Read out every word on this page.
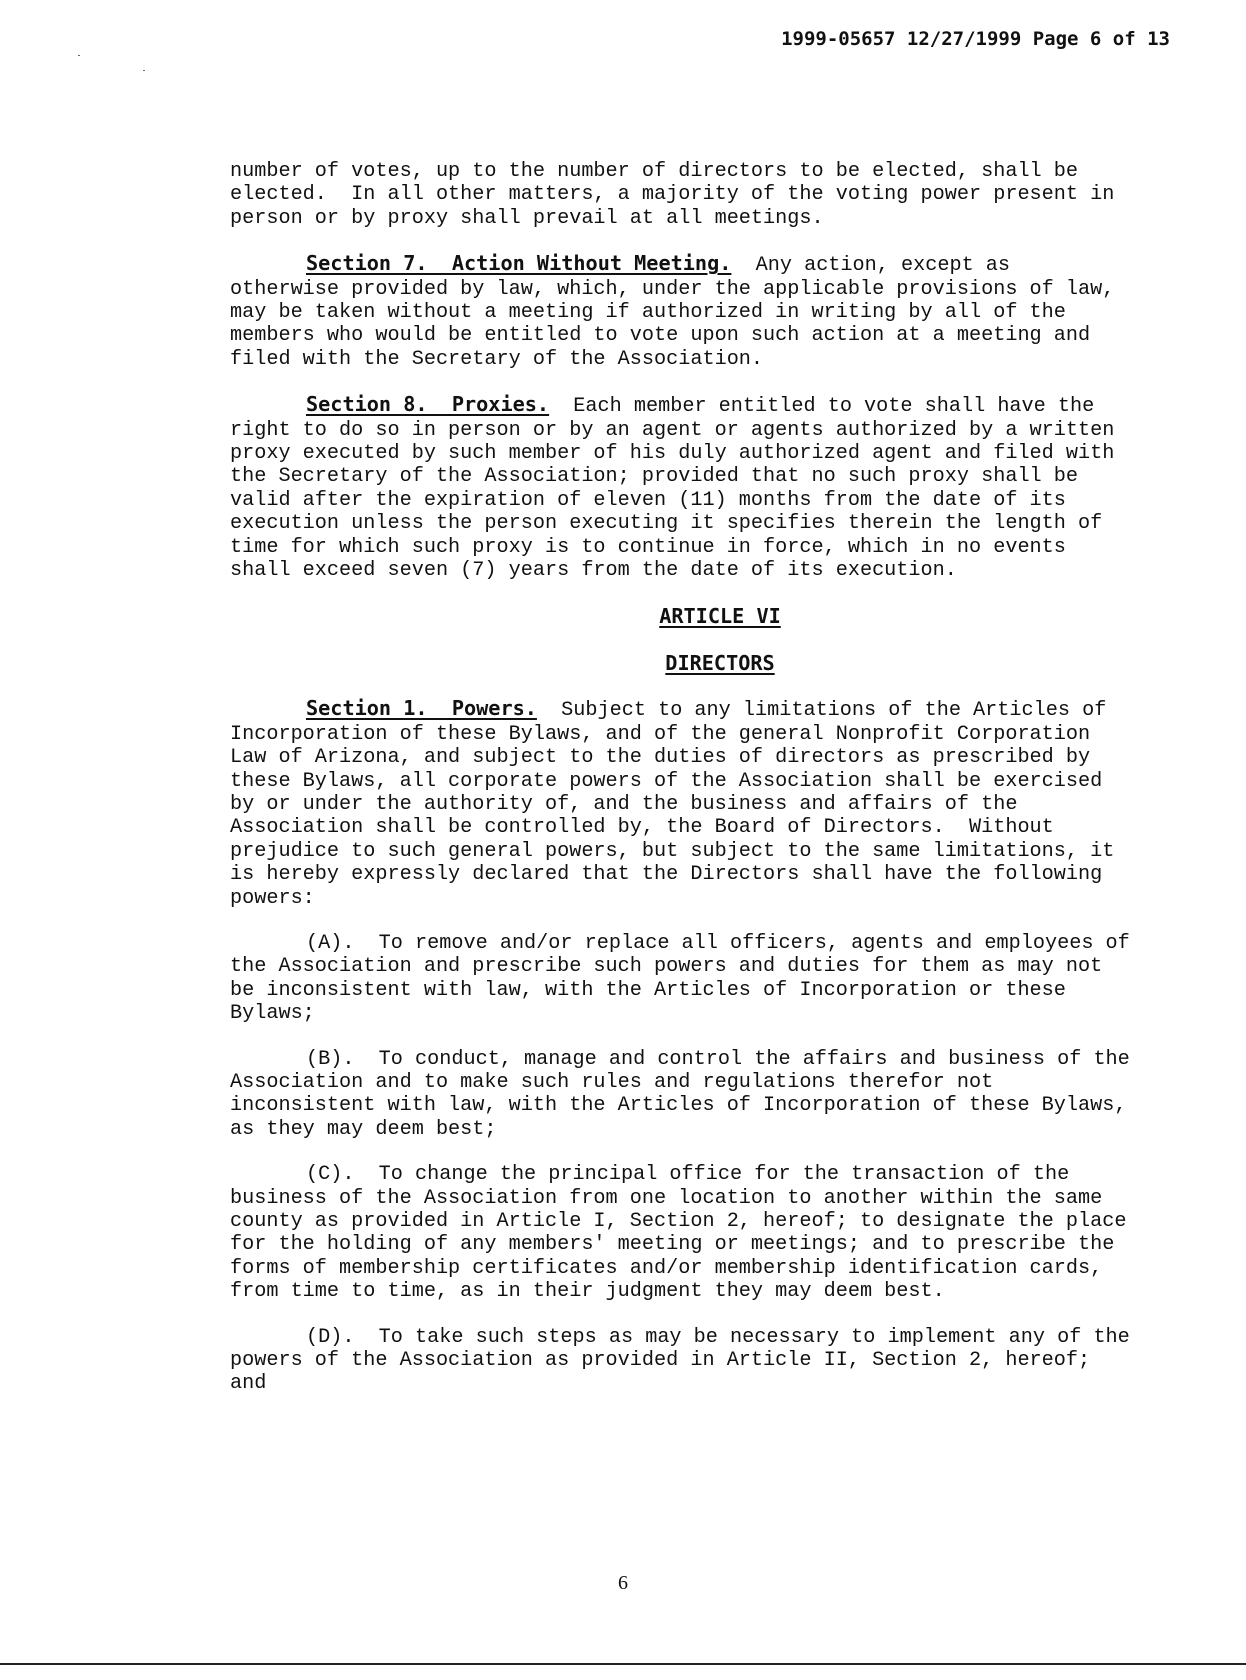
1999-05657 12/27/1999 Page 6 of 13

number of votes, up to the number of directors to be elected, shall be elected.  In all other matters, a majority of the voting power present in person or by proxy shall prevail at all meetings.

Section 7.  Action Without Meeting.  Any action, except as otherwise provided by law, which, under the applicable provisions of law, may be taken without a meeting if authorized in writing by all of the members who would be entitled to vote upon such action at a meeting and filed with the Secretary of the Association.

Section 8.  Proxies.  Each member entitled to vote shall have the right to do so in person or by an agent or agents authorized by a written proxy executed by such member of his duly authorized agent and filed with the Secretary of the Association; provided that no such proxy shall be valid after the expiration of eleven (11) months from the date of its execution unless the person executing it specifies therein the length of time for which such proxy is to continue in force, which in no events shall exceed seven (7) years from the date of its execution.

ARTICLE VI

DIRECTORS

Section 1.  Powers.  Subject to any limitations of the Articles of Incorporation of these Bylaws, and of the general Nonprofit Corporation Law of Arizona, and subject to the duties of directors as prescribed by these Bylaws, all corporate powers of the Association shall be exercised by or under the authority of, and the business and affairs of the Association shall be controlled by, the Board of Directors.  Without prejudice to such general powers, but subject to the same limitations, it is hereby expressly declared that the Directors shall have the following powers:

(A).  To remove and/or replace all officers, agents and employees of the Association and prescribe such powers and duties for them as may not be inconsistent with law, with the Articles of Incorporation or these Bylaws;

(B).  To conduct, manage and control the affairs and business of the Association and to make such rules and regulations therefor not inconsistent with law, with the Articles of Incorporation of these Bylaws, as they may deem best;

(C).  To change the principal office for the transaction of the business of the Association from one location to another within the same county as provided in Article I, Section 2, hereof; to designate the place for the holding of any members' meeting or meetings; and to prescribe the forms of membership certificates and/or membership identification cards, from time to time, as in their judgment they may deem best.

(D).  To take such steps as may be necessary to implement any of the powers of the Association as provided in Article II, Section 2, hereof; and

6
